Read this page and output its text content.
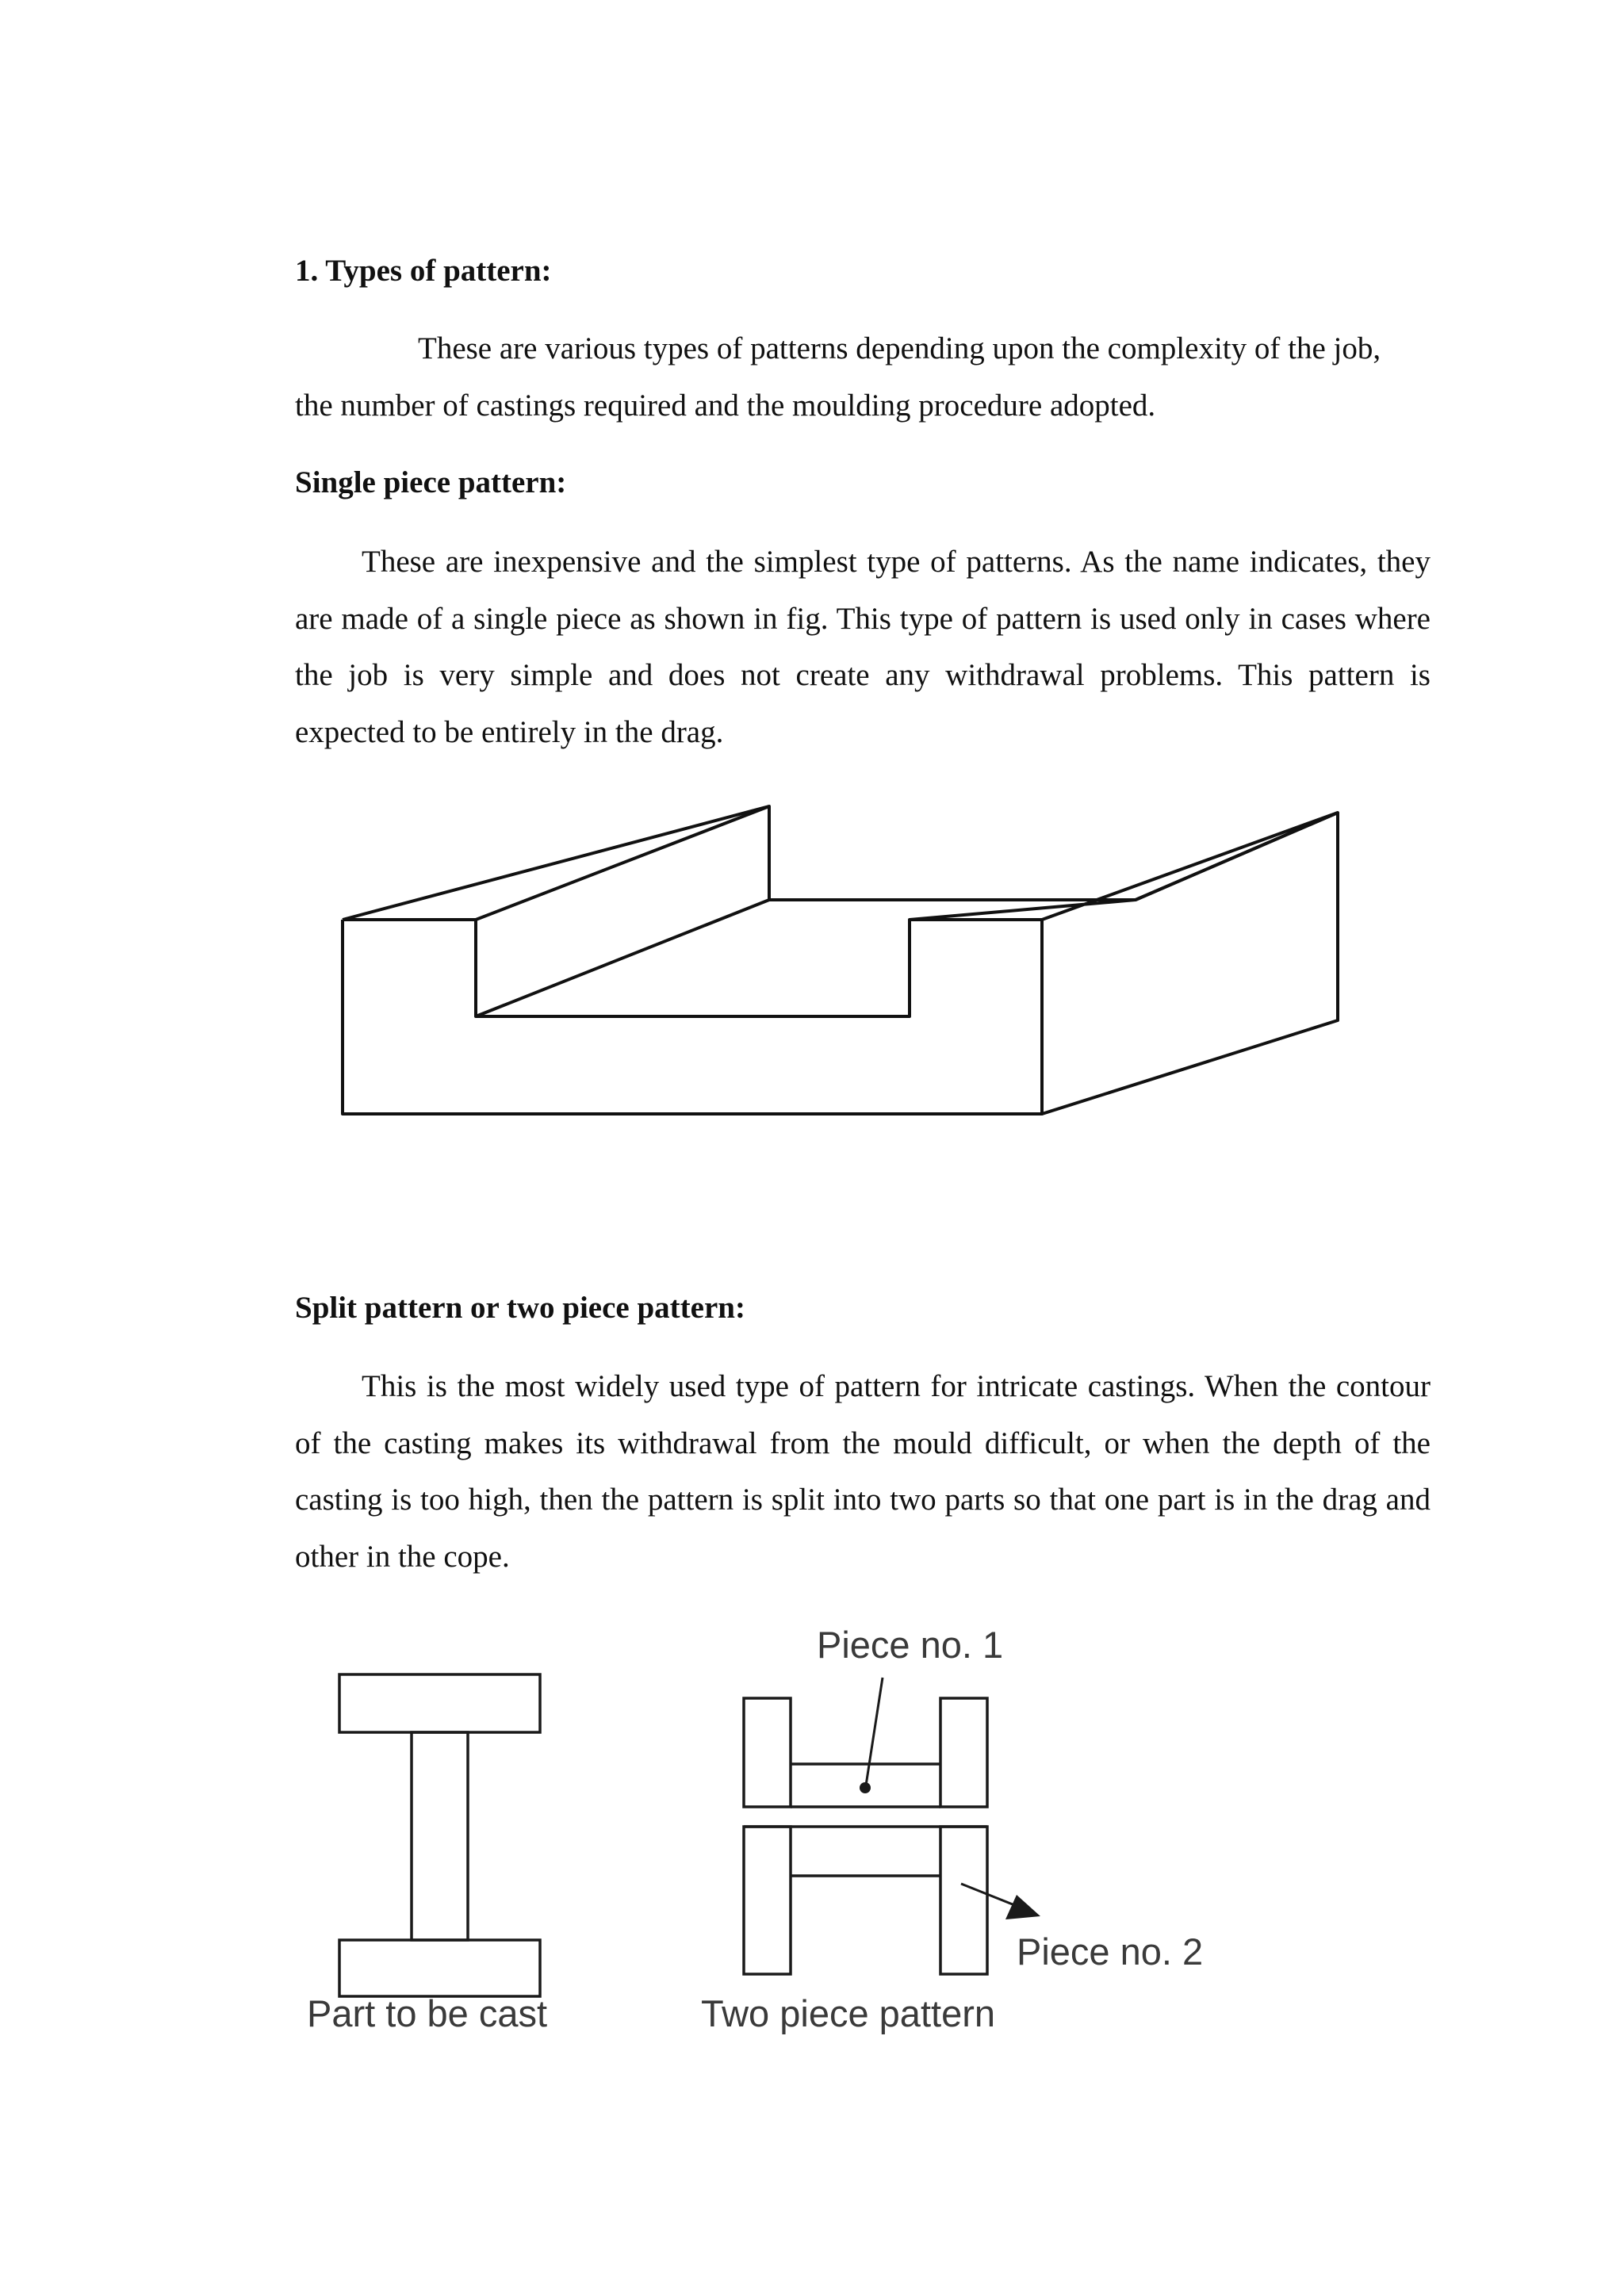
1. Types of pattern:

These are various types of patterns depending upon the complexity of the job, the number of castings required and the moulding procedure adopted.

Single piece pattern:

These are inexpensive and the simplest type of patterns. As the name indicates, they are made of a single piece as shown in fig. This type of pattern is used only in cases where the job is very simple and does not create any withdrawal problems. This pattern is expected to be entirely in the drag.

Split pattern or two piece pattern:

This is the most widely used type of pattern for intricate castings. When the contour of the casting makes its withdrawal from the mould difficult, or when the depth of the casting is too high, then the pattern is split into two parts so that one part is in the drag and other in the cope.

Piece no. 1
Piece no. 2
Part to be cast	Two piece pattern
